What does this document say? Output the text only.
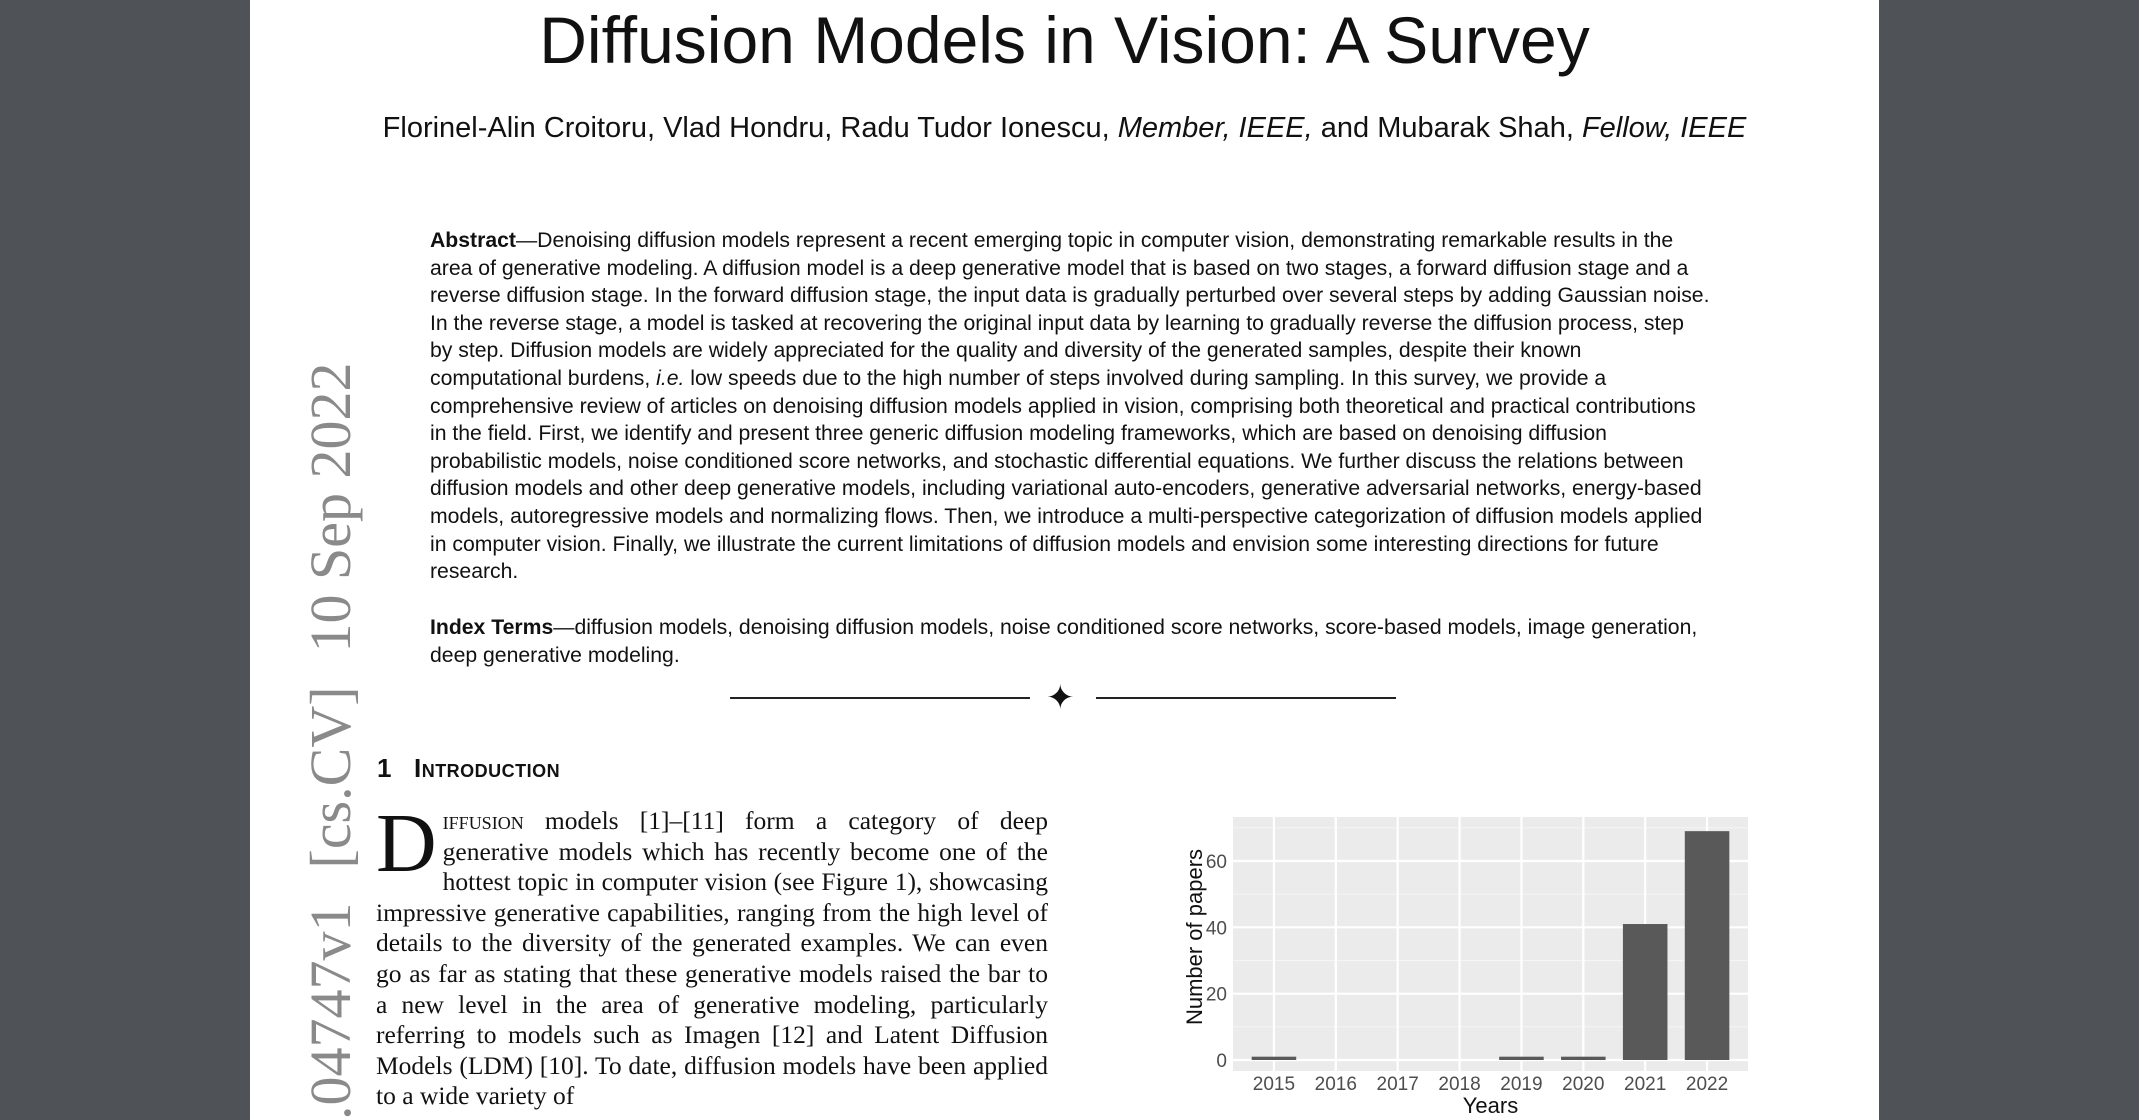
Diffusion Models in Vision: A Survey
Florinel-Alin Croitoru, Vlad Hondru, Radu Tudor Ionescu, Member, IEEE, and Mubarak Shah, Fellow, IEEE
Abstract—Denoising diffusion models represent a recent emerging topic in computer vision, demonstrating remarkable results in the area of generative modeling. A diffusion model is a deep generative model that is based on two stages, a forward diffusion stage and a reverse diffusion stage. In the forward diffusion stage, the input data is gradually perturbed over several steps by adding Gaussian noise. In the reverse stage, a model is tasked at recovering the original input data by learning to gradually reverse the diffusion process, step by step. Diffusion models are widely appreciated for the quality and diversity of the generated samples, despite their known computational burdens, i.e. low speeds due to the high number of steps involved during sampling. In this survey, we provide a comprehensive review of articles on denoising diffusion models applied in vision, comprising both theoretical and practical contributions in the field. First, we identify and present three generic diffusion modeling frameworks, which are based on denoising diffusion probabilistic models, noise conditioned score networks, and stochastic differential equations. We further discuss the relations between diffusion models and other deep generative models, including variational auto-encoders, generative adversarial networks, energy-based models, autoregressive models and normalizing flows. Then, we introduce a multi-perspective categorization of diffusion models applied in computer vision. Finally, we illustrate the current limitations of diffusion models and envision some interesting directions for future research.
Index Terms—diffusion models, denoising diffusion models, noise conditioned score networks, score-based models, image generation, deep generative modeling.
✦
1 Introduction
Diffusion models [1]–[11] form a category of deep generative models which has recently become one of the hottest topic in computer vision (see Figure 1), showcasing impressive generative capabilities, ranging from the high level of details to the diversity of the generated examples. We can even go as far as stating that these generative models raised the bar to a new level in the area of generative modeling, particularly referring to models such as Imagen [12] and Latent Diffusion Models (LDM) [10]. To date, diffusion models have been applied to a wide variety of
0
20
40
60
2015 2016 2017 2018 2019 2020 2021 2022
Years
Number of papers
.04747v1[cs.CV]10 Sep 2022
